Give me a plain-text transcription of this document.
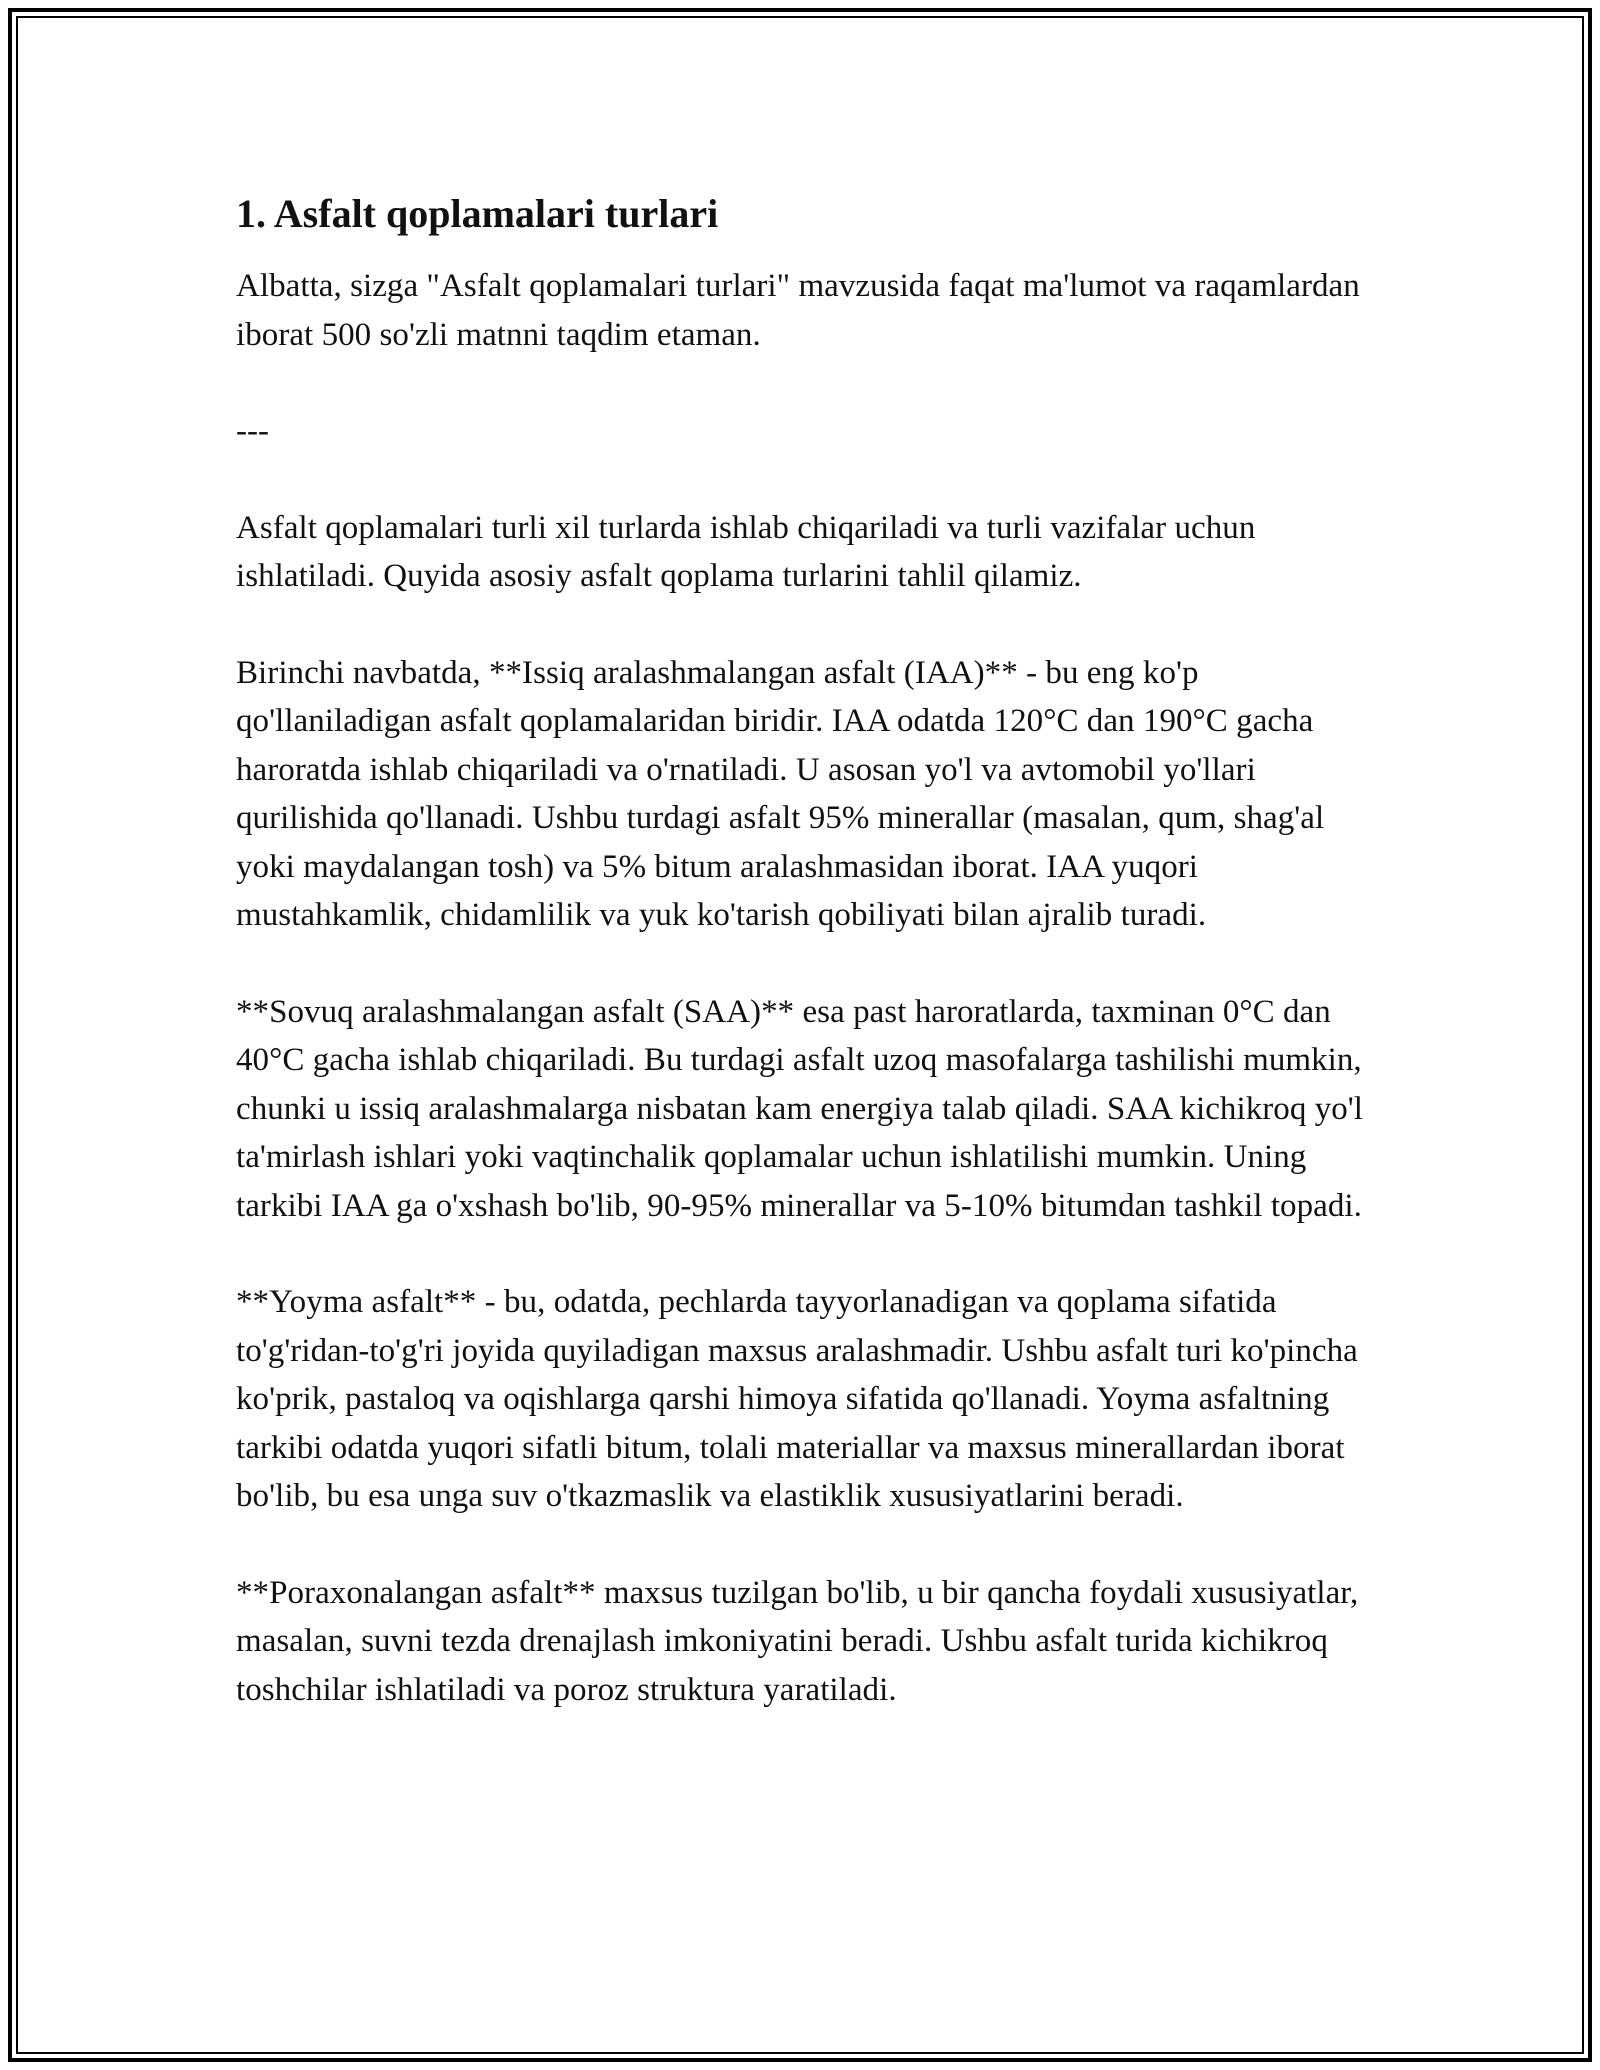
1. Asfalt qoplamalari turlari

Albatta, sizga "Asfalt qoplamalari turlari" mavzusida faqat ma'lumot va raqamlardan iborat 500 so'zli matnni taqdim etaman.

---

Asfalt qoplamalari turli xil turlarda ishlab chiqariladi va turli vazifalar uchun ishlatiladi. Quyida asosiy asfalt qoplama turlarini tahlil qilamiz.

Birinchi navbatda, **Issiq aralashmalangan asfalt (IAA)** - bu eng ko'p qo'llaniladigan asfalt qoplamalaridan biridir. IAA odatda 120°C dan 190°C gacha haroratda ishlab chiqariladi va o'rnatiladi. U asosan yo'l va avtomobil yo'llari qurilishida qo'llanadi. Ushbu turdagi asfalt 95% minerallar (masalan, qum, shag'al yoki maydalangan tosh) va 5% bitum aralashmasidan iborat. IAA yuqori mustahkamlik, chidamlilik va yuk ko'tarish qobiliyati bilan ajralib turadi.

**Sovuq aralashmalangan asfalt (SAA)** esa past haroratlarda, taxminan 0°C dan 40°C gacha ishlab chiqariladi. Bu turdagi asfalt uzoq masofalarga tashilishi mumkin, chunki u issiq aralashmalarga nisbatan kam energiya talab qiladi. SAA kichikroq yo'l ta'mirlash ishlari yoki vaqtinchalik qoplamalar uchun ishlatilishi mumkin. Uning tarkibi IAA ga o'xshash bo'lib, 90-95% minerallar va 5-10% bitumdan tashkil topadi.

**Yoyma asfalt** - bu, odatda, pechlarda tayyorlanadigan va qoplama sifatida to'g'ridan-to'g'ri joyida quyiladigan maxsus aralashmadir. Ushbu asfalt turi ko'pincha ko'prik, pastaloq va oqishlarga qarshi himoya sifatida qo'llanadi. Yoyma asfaltning tarkibi odatda yuqori sifatli bitum, tolali materiallar va maxsus minerallardan iborat bo'lib, bu esa unga suv o'tkazmaslik va elastiklik xususiyatlarini beradi.

**Poraxonalangan asfalt** maxsus tuzilgan bo'lib, u bir qancha foydali xususiyatlar, masalan, suvni tezda drenajlash imkoniyatini beradi. Ushbu asfalt turida kichikroq toshchilar ishlatiladi va poroz struktura yaratiladi.
